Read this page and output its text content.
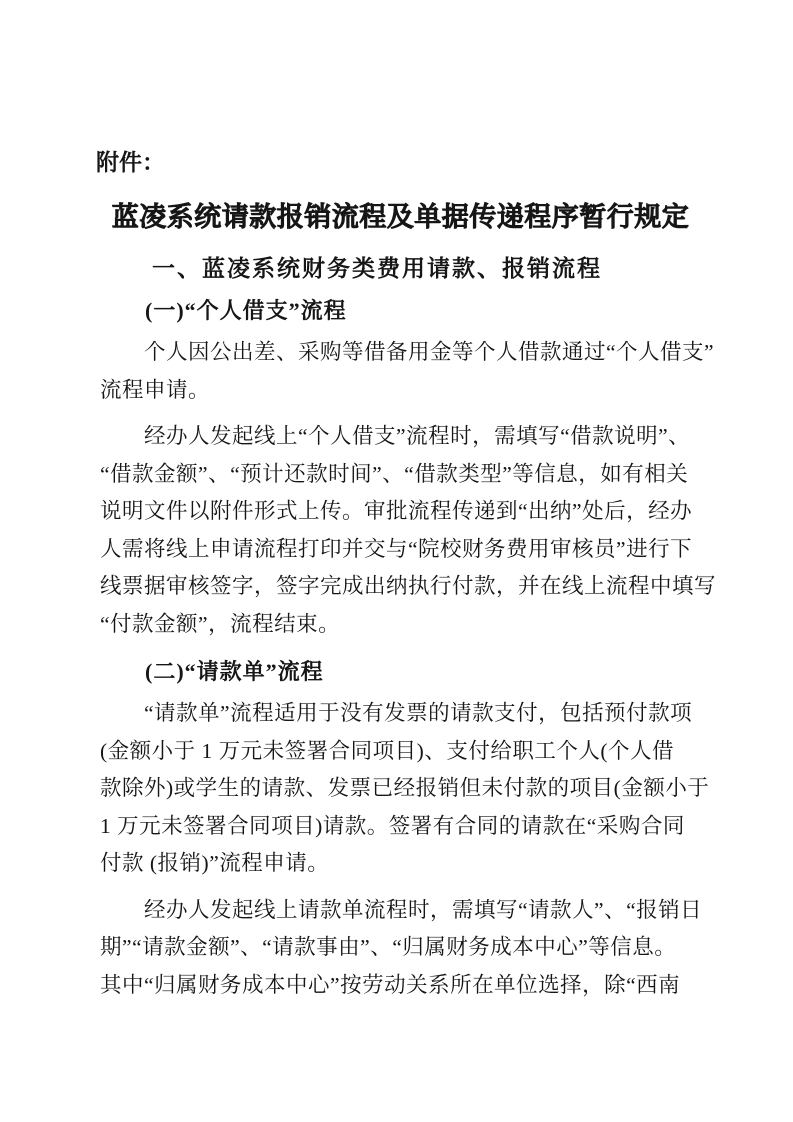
附件：
蓝凌系统请款报销流程及单据传递程序暂行规定
一、蓝凌系统财务类费用请款、报销流程
(一)“个人借支”流程
个人因公出差、采购等借备用金等个人借款通过“个人借支”
流程申请。
经办人发起线上“个人借支”流程时，需填写“借款说明”、
“借款金额”、“预计还款时间”、“借款类型”等信息，如有相关
说明文件以附件形式上传。审批流程传递到“出纳”处后，经办
人需将线上申请流程打印并交与“院校财务费用审核员”进行下
线票据审核签字，签字完成出纳执行付款，并在线上流程中填写
“付款金额”，流程结束。
(二)“请款单”流程
“请款单”流程适用于没有发票的请款支付，包括预付款项
(金额小于 1 万元未签署合同项目)、支付给职工个人(个人借
款除外)或学生的请款、发票已经报销但未付款的项目(金额小于
1 万元未签署合同项目)请款。签署有合同的请款在“采购合同
付款 (报销)”流程申请。
经办人发起线上请款单流程时，需填写“请款人”、“报销日
期”“请款金额”、“请款事由”、“归属财务成本中心”等信息。
其中“归属财务成本中心”按劳动关系所在单位选择，除“西南
